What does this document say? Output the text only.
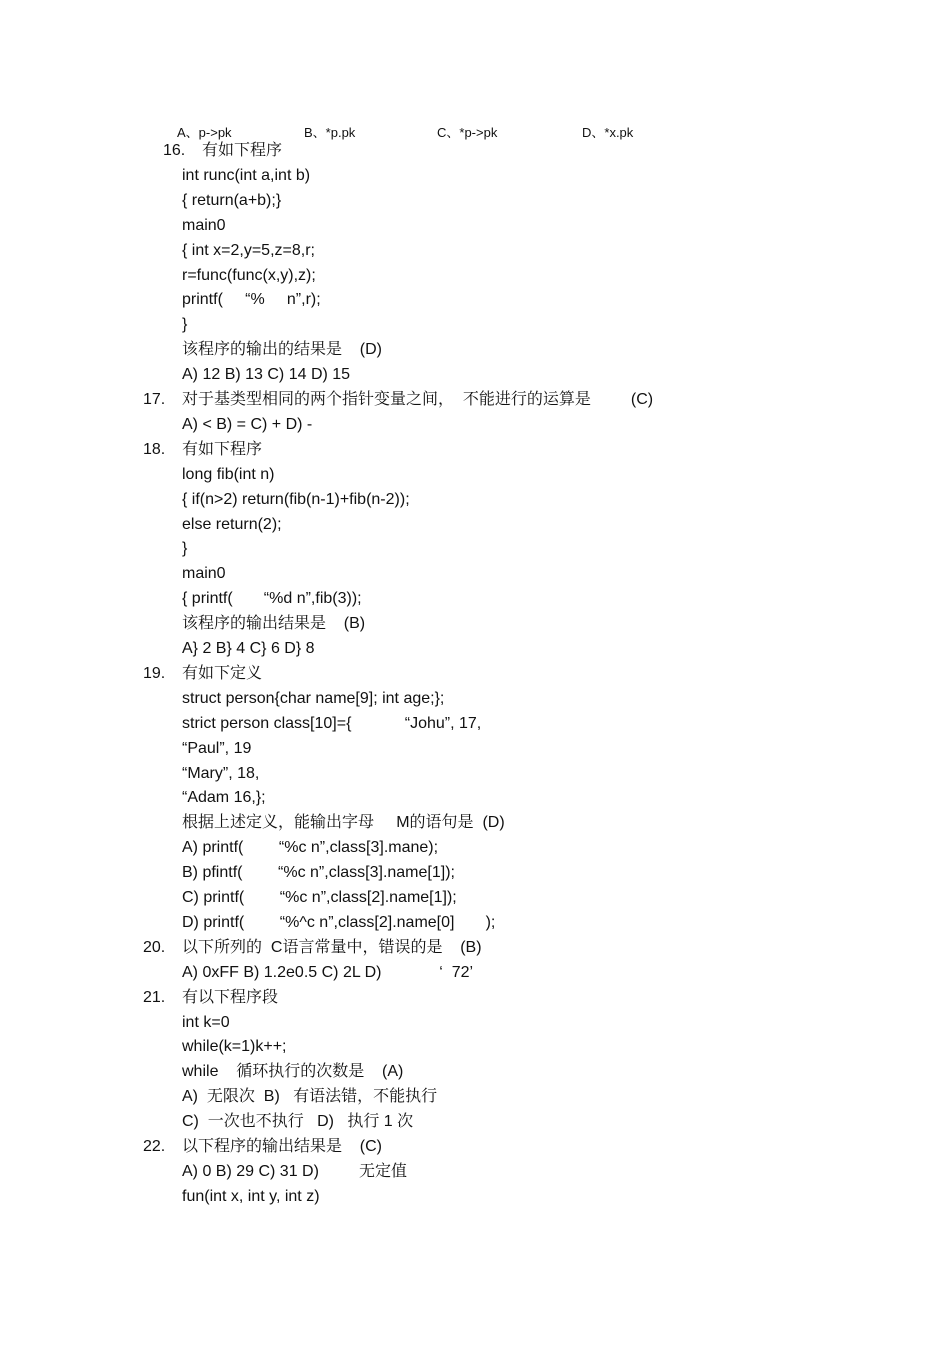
A、p->pk	B、*p.pk	C、*p->pk	D、*x.pk
16. 有如下程序
int runc(int a,int b)
{ return(a+b);}
main0
{ int x=2,y=5,z=8,r;
r=func(func(x,y),z);
printf(     “%     n”,r);
}
该程序的输出的结果是    (D)
A) 12 B) 13 C) 14 D) 15
17. 对于基类型相同的两个指针变量之间，  不能进行的运算是         (C)
A) < B) = C) + D) -
18. 有如下程序
long fib(int n)
{ if(n>2) return(fib(n-1)+fib(n-2));
else return(2);
}
main0
{ printf(       “%d n”,fib(3));
该程序的输出结果是    (B)
A} 2 B} 4 C} 6 D} 8
19. 有如下定义
struct person{char name[9]; int age;};
strict person class[10]={            “Johu”, 17,
“Paul”, 19
“Mary”, 18,
“Adam 16,};
根据上述定义，能输出字母     M的语句是  (D)
A) printf(        “%c n”,class[3].mane);
B) pfintf(        “%c n”,class[3].name[1]);
C) printf(        “%c n”,class[2].name[1]);
D) printf(        “%^c n”,class[2].name[0]       );
20. 以下所列的  C语言常量中，错误的是    (B)
A) 0xFF B) 1.2e0.5 C) 2L D)             ‘  72’
21. 有以下程序段
int k=0
while(k=1)k++;
while    循环执行的次数是    (A)
A)  无限次  B)   有语法错，不能执行
C)  一次也不执行   D)   执行 1 次
22. 以下程序的输出结果是    (C)
A) 0 B) 29 C) 31 D)         无定值
fun(int x, int y, int z)
